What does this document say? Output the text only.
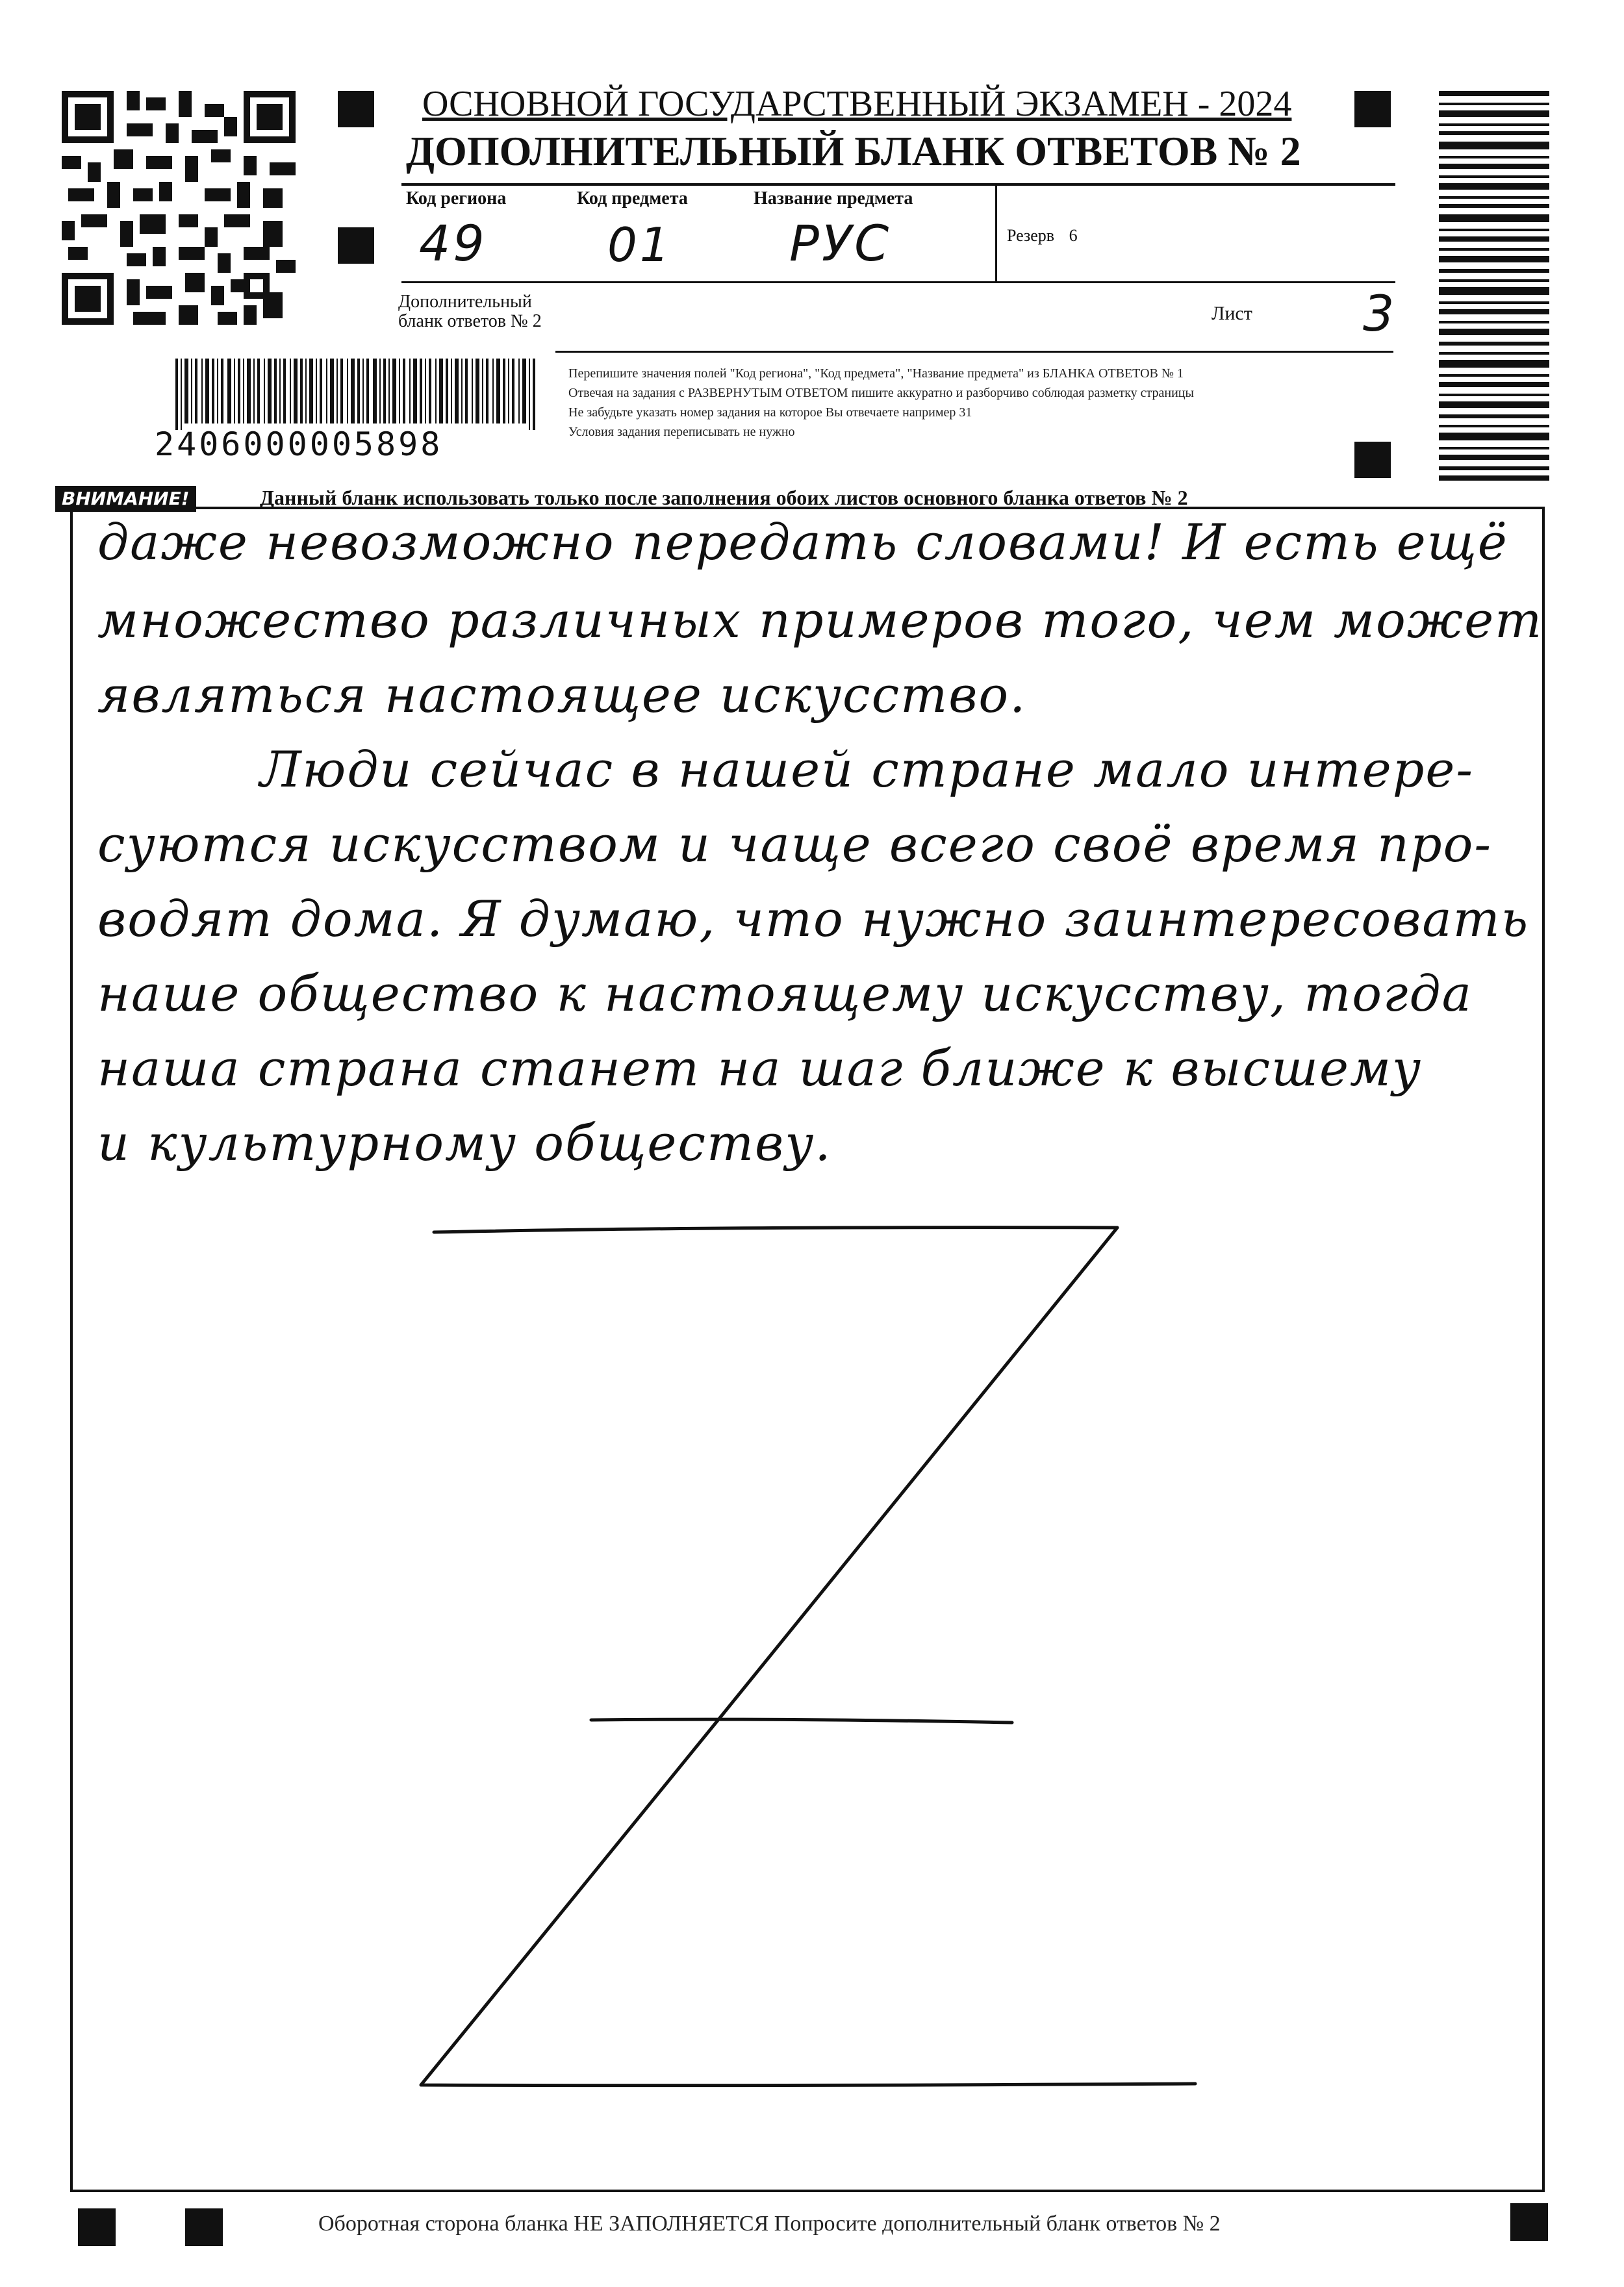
ОСНОВНОЙ ГОСУДАРСТВЕННЫЙ ЭКЗАМЕН - 2024
ДОПОЛНИТЕЛЬНЫЙ БЛАНК ОТВЕТОВ № 2
Код региона	Код предмета	Название предмета
Резерв 6
49	01 РУС
Дополнительный
бланк ответов № 2	Лист 3
2406000005898
Перепишите значения полей "Код региона", "Код предмета", "Название предмета" из БЛАНКА ОТВЕТОВ № 1
Отвечая на задания с РАЗВЕРНУТЫМ ОТВЕТОМ пишите аккуратно и разборчиво соблюдая разметку страницы
Не забудьте указать номер задания на которое Вы отвечаете например 31
Условия задания переписывать не нужно
ВНИМАНИЕ!	Данный бланк использовать только после заполнения обоих листов основного бланка ответов № 2
даже невозможно передать словами! И есть ещё
множество различных примеров того, чем может
являться настоящее искусство.
Люди сейчас в нашей стране мало интере-
суются искусством и чаще всего своё время про-
водят дома. Я думаю, что нужно заинтересовать
наше общество к настоящему искусству, тогда
наша страна станет на шаг ближе к высшему
и культурному обществу.
Оборотная сторона бланка НЕ ЗАПОЛНЯЕТСЯ Попросите дополнительный бланк ответов № 2
